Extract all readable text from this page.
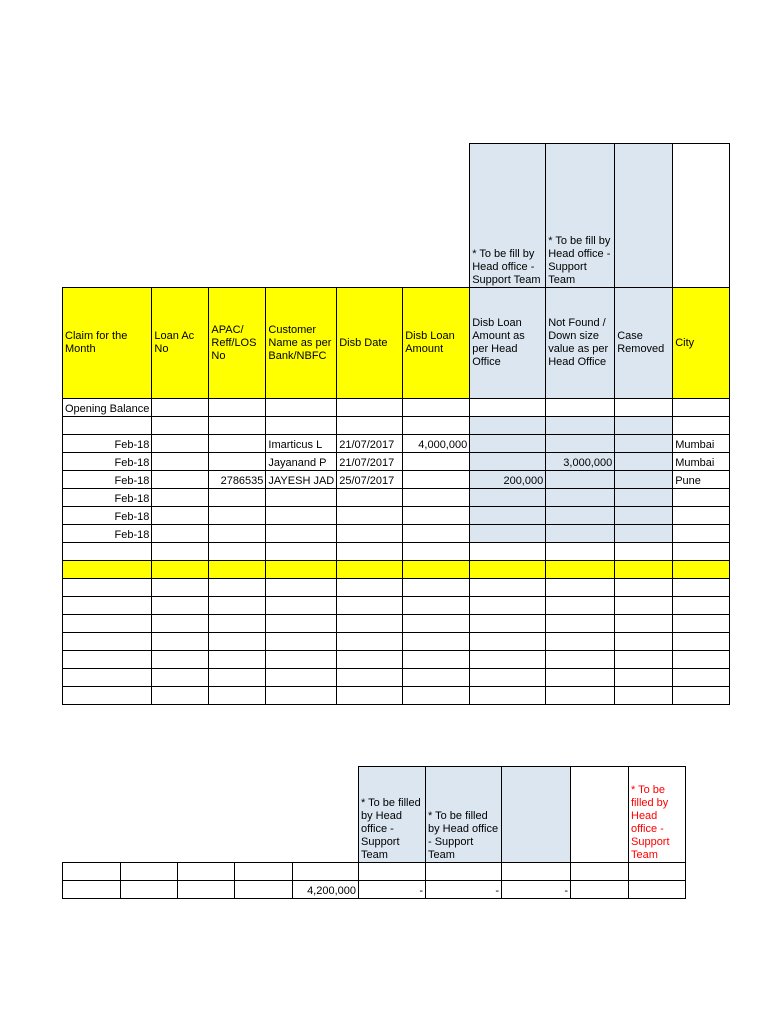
						* To be fill by Head office - Support Team	* To be fill by Head office - Support Team		
Claim for the Month	Loan Ac No	APAC/ Reff/LOS No	Customer Name as per Bank/NBFC	Disb Date	Disb Loan Amount	Disb Loan Amount as per Head Office	Not Found / Down size value as per Head Office	Case Removed	City
Opening Balance									

Feb-18			Imarticus L	21/07/2017	4,000,000				Mumbai
Feb-18			Jayanand P	21/07/2017			3,000,000		Mumbai
Feb-18		2786535	JAYESH JAD	25/07/2017		200,000			Pune
Feb-18									
Feb-18									
Feb-18									

					* To be filled by Head office - Support Team	* To be filled by Head office - Support Team			* To be filled by Head office - Support Team

				4,200,000	-	-	-		
